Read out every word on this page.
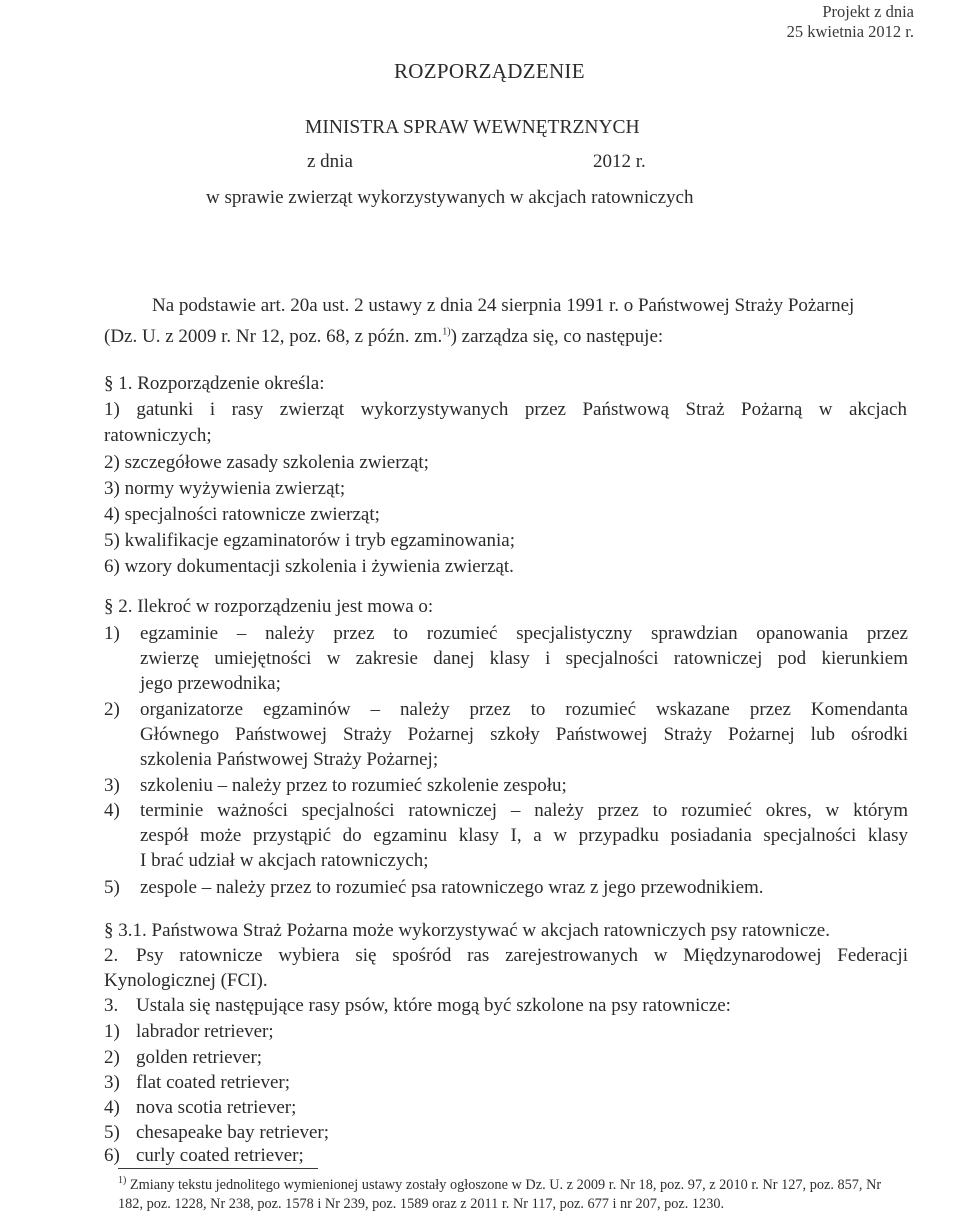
Projekt z dnia
25 kwietnia 2012 r.
ROZPORZĄDZENIE
MINISTRA SPRAW WEWNĘTRZNYCH
z dnia	2012 r.
w sprawie zwierząt wykorzystywanych w akcjach ratowniczych
Na podstawie art. 20a ust. 2 ustawy z dnia 24 sierpnia 1991 r. o Państwowej Straży Pożarnej
(Dz. U. z 2009 r. Nr 12, poz. 68, z późn. zm.$^{1)}$) zarządza się, co następuje:
§ 1. Rozporządzenie określa:
1) gatunki i rasy zwierząt wykorzystywanych przez Państwową Straż Pożarną w akcjach
ratowniczych;
2) szczegółowe zasady szkolenia zwierząt;
3) normy wyżywienia zwierząt;
4) specjalności ratownicze zwierząt;
5) kwalifikacje egzaminatorów i tryb egzaminowania;
6) wzory dokumentacji szkolenia i żywienia zwierząt.
§ 2. Ilekroć w rozporządzeniu jest mowa o:
1) egzaminie – należy przez to rozumieć specjalistyczny sprawdzian opanowania przez
zwierzę umiejętności w zakresie danej klasy i specjalności ratowniczej pod kierunkiem
jego przewodnika;
2) organizatorze egzaminów – należy przez to rozumieć wskazane przez Komendanta
Głównego Państwowej Straży Pożarnej szkoły Państwowej Straży Pożarnej lub ośrodki
szkolenia Państwowej Straży Pożarnej;
3) szkoleniu – należy przez to rozumieć szkolenie zespołu;
4) terminie ważności specjalności ratowniczej – należy przez to rozumieć okres, w którym
zespół może przystąpić do egzaminu klasy I, a w przypadku posiadania specjalności klasy
I brać udział w akcjach ratowniczych;
5) zespole – należy przez to rozumieć psa ratowniczego wraz z jego przewodnikiem.
§ 3.1. Państwowa Straż Pożarna może wykorzystywać w akcjach ratowniczych psy ratownicze.
2. Psy ratownicze wybiera się spośród ras zarejestrowanych w Międzynarodowej Federacji
Kynologicznej (FCI).
3. Ustala się następujące rasy psów, które mogą być szkolone na psy ratownicze:
1) labrador retriever;
2) golden retriever;
3) flat coated retriever;
4) nova scotia retriever;
5) chesapeake bay retriever;
6) curly coated retriever;
$^{1)}$ Zmiany tekstu jednolitego wymienionej ustawy zostały ogłoszone w Dz. U. z 2009 r. Nr 18, poz. 97, z 2010 r. Nr 127, poz. 857, Nr 182, poz. 1228, Nr 238, poz. 1578 i Nr 239, poz. 1589 oraz z 2011 r. Nr 117, poz. 677 i nr 207, poz. 1230.
